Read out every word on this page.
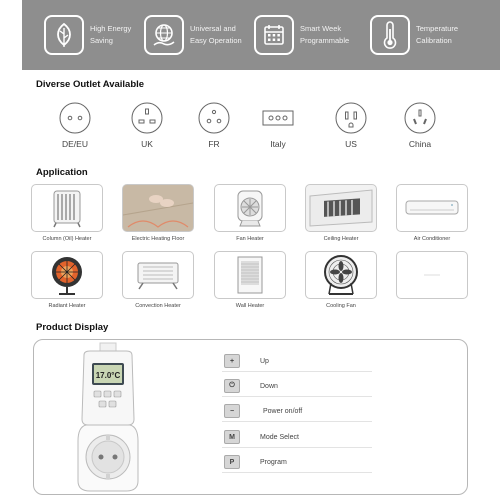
High Energy
Saving
Universal and
Easy Operation
Smart Week
Programmable
Temperature
Calibration
Diverse Outlet Available
DE/EU	UK	FR	Italy	US	China
Application
Column (Oil) Heater	Electric Heating Floor	Fan Heater	Ceiling Heater	Air Conditioner
Radiant Heater	Convection Heater	Wall Heater	Cooling Fan
Product Display
17.0°C
+	Up
⏻	Down
−	Power on/off
M	Mode Select
P	Program
